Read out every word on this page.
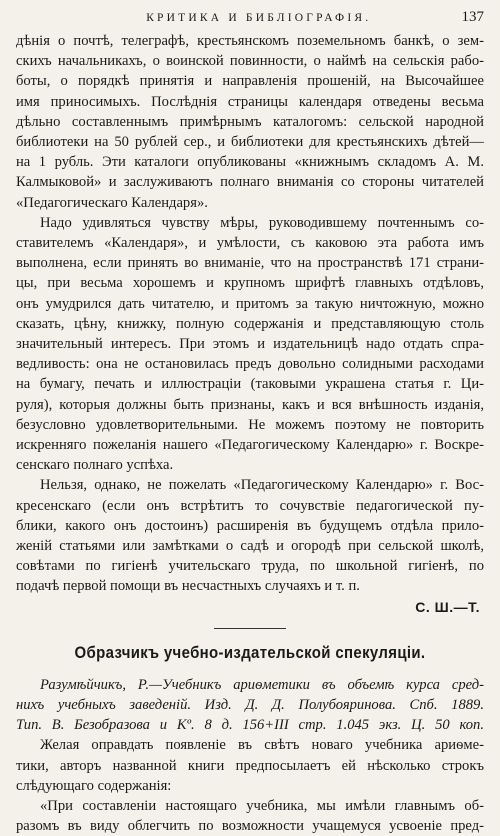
КРИТИКА И БИБЛІОГРАФІЯ.	137

дѣнія о почтѣ, телеграфѣ, крестьянскомъ поземельномъ банкѣ, о зем-
скихъ начальникахъ, о воинской повинности, о наймѣ на сельскія рабо-
боты, о порядкѣ принятія и направленія прошеній, на Высочайшее
имя приносимыхъ. Послѣднія страницы календаря отведены весьма
дѣльно составленнымъ примѣрнымъ каталогомъ: сельской народной
библиотеки на 50 рублей сер., и библиотеки для крестьянскихъ дѣтей—
на 1 рубль. Эти каталоги опубликованы «книжнымъ складомъ А. М.
Калмыковой» и заслуживаютъ полнаго вниманія со стороны читателей
«Педагогическаго Календаря».

Надо удивляться чувству мѣры, руководившему почтеннымъ со-
ставителемъ «Календаря», и умѣлости, съ каковою эта работа имъ
выполнена, если принять во вниманіе, что на пространствѣ 171 страни-
цы, при весьма хорошемъ и крупномъ шрифтѣ главныхъ отдѣловъ,
онъ умудрился дать читателю, и притомъ за такую ничтожную, можно
сказать, цѣну, книжку, полную содержанія и представляющую столь
значительный интересъ. При этомъ и издательницѣ надо отдать спра-
ведливость: она не остановилась предъ довольно солидными расходами
на бумагу, печать и иллюстраціи (таковыми украшена статья г. Ци-
руля), которыя должны быть признаны, какъ и вся внѣшность изданія,
безусловно удовлетворительными. Не можемъ поэтому не повторить
искренняго пожеланія нашего «Педагогическому Календарю» г. Воскре-
сенскаго полнаго успѣха.

Нельзя, однако, не пожелать «Педагогическому Календарю» г. Вос-
кресенскаго (если онъ встрѣтитъ то сочувствіе педагогической пу-
блики, какого онъ достоинъ) расширенія въ будущемъ отдѣла прило-
женій статьями или замѣтками о садѣ и огородѣ при сельской школѣ,
совѣтами по гигіенѣ учительскаго труда, по школьной гигіенѣ, по
подачѣ первой помощи въ несчастныхъ случаяхъ и т. п.

С. Ш.—Т.
Образчикъ учебно-издательской спекуляціи.

Разумѣйчикъ, Р.—Учебникъ ариѳметики въ объемѣ курса сред-
нихъ учебныхъ заведеній. Изд. Д. Д. Полубояринова. Спб. 1889.
Тип. В. Безобразова и Кº. 8 д. 156+III стр. 1.045 экз. Ц. 50 коп.

Желая оправдать появленіе въ свѣтъ новаго учебника ариѳме-
тики, авторъ названной книги предпосылаетъ ей нѣсколько строкъ
слѣдующаго содержанія:

«При составленіи настоящаго учебника, мы имѣли главнымъ об-
разомъ въ виду облегчить по возможности учащемуся усвоеніе пред-
